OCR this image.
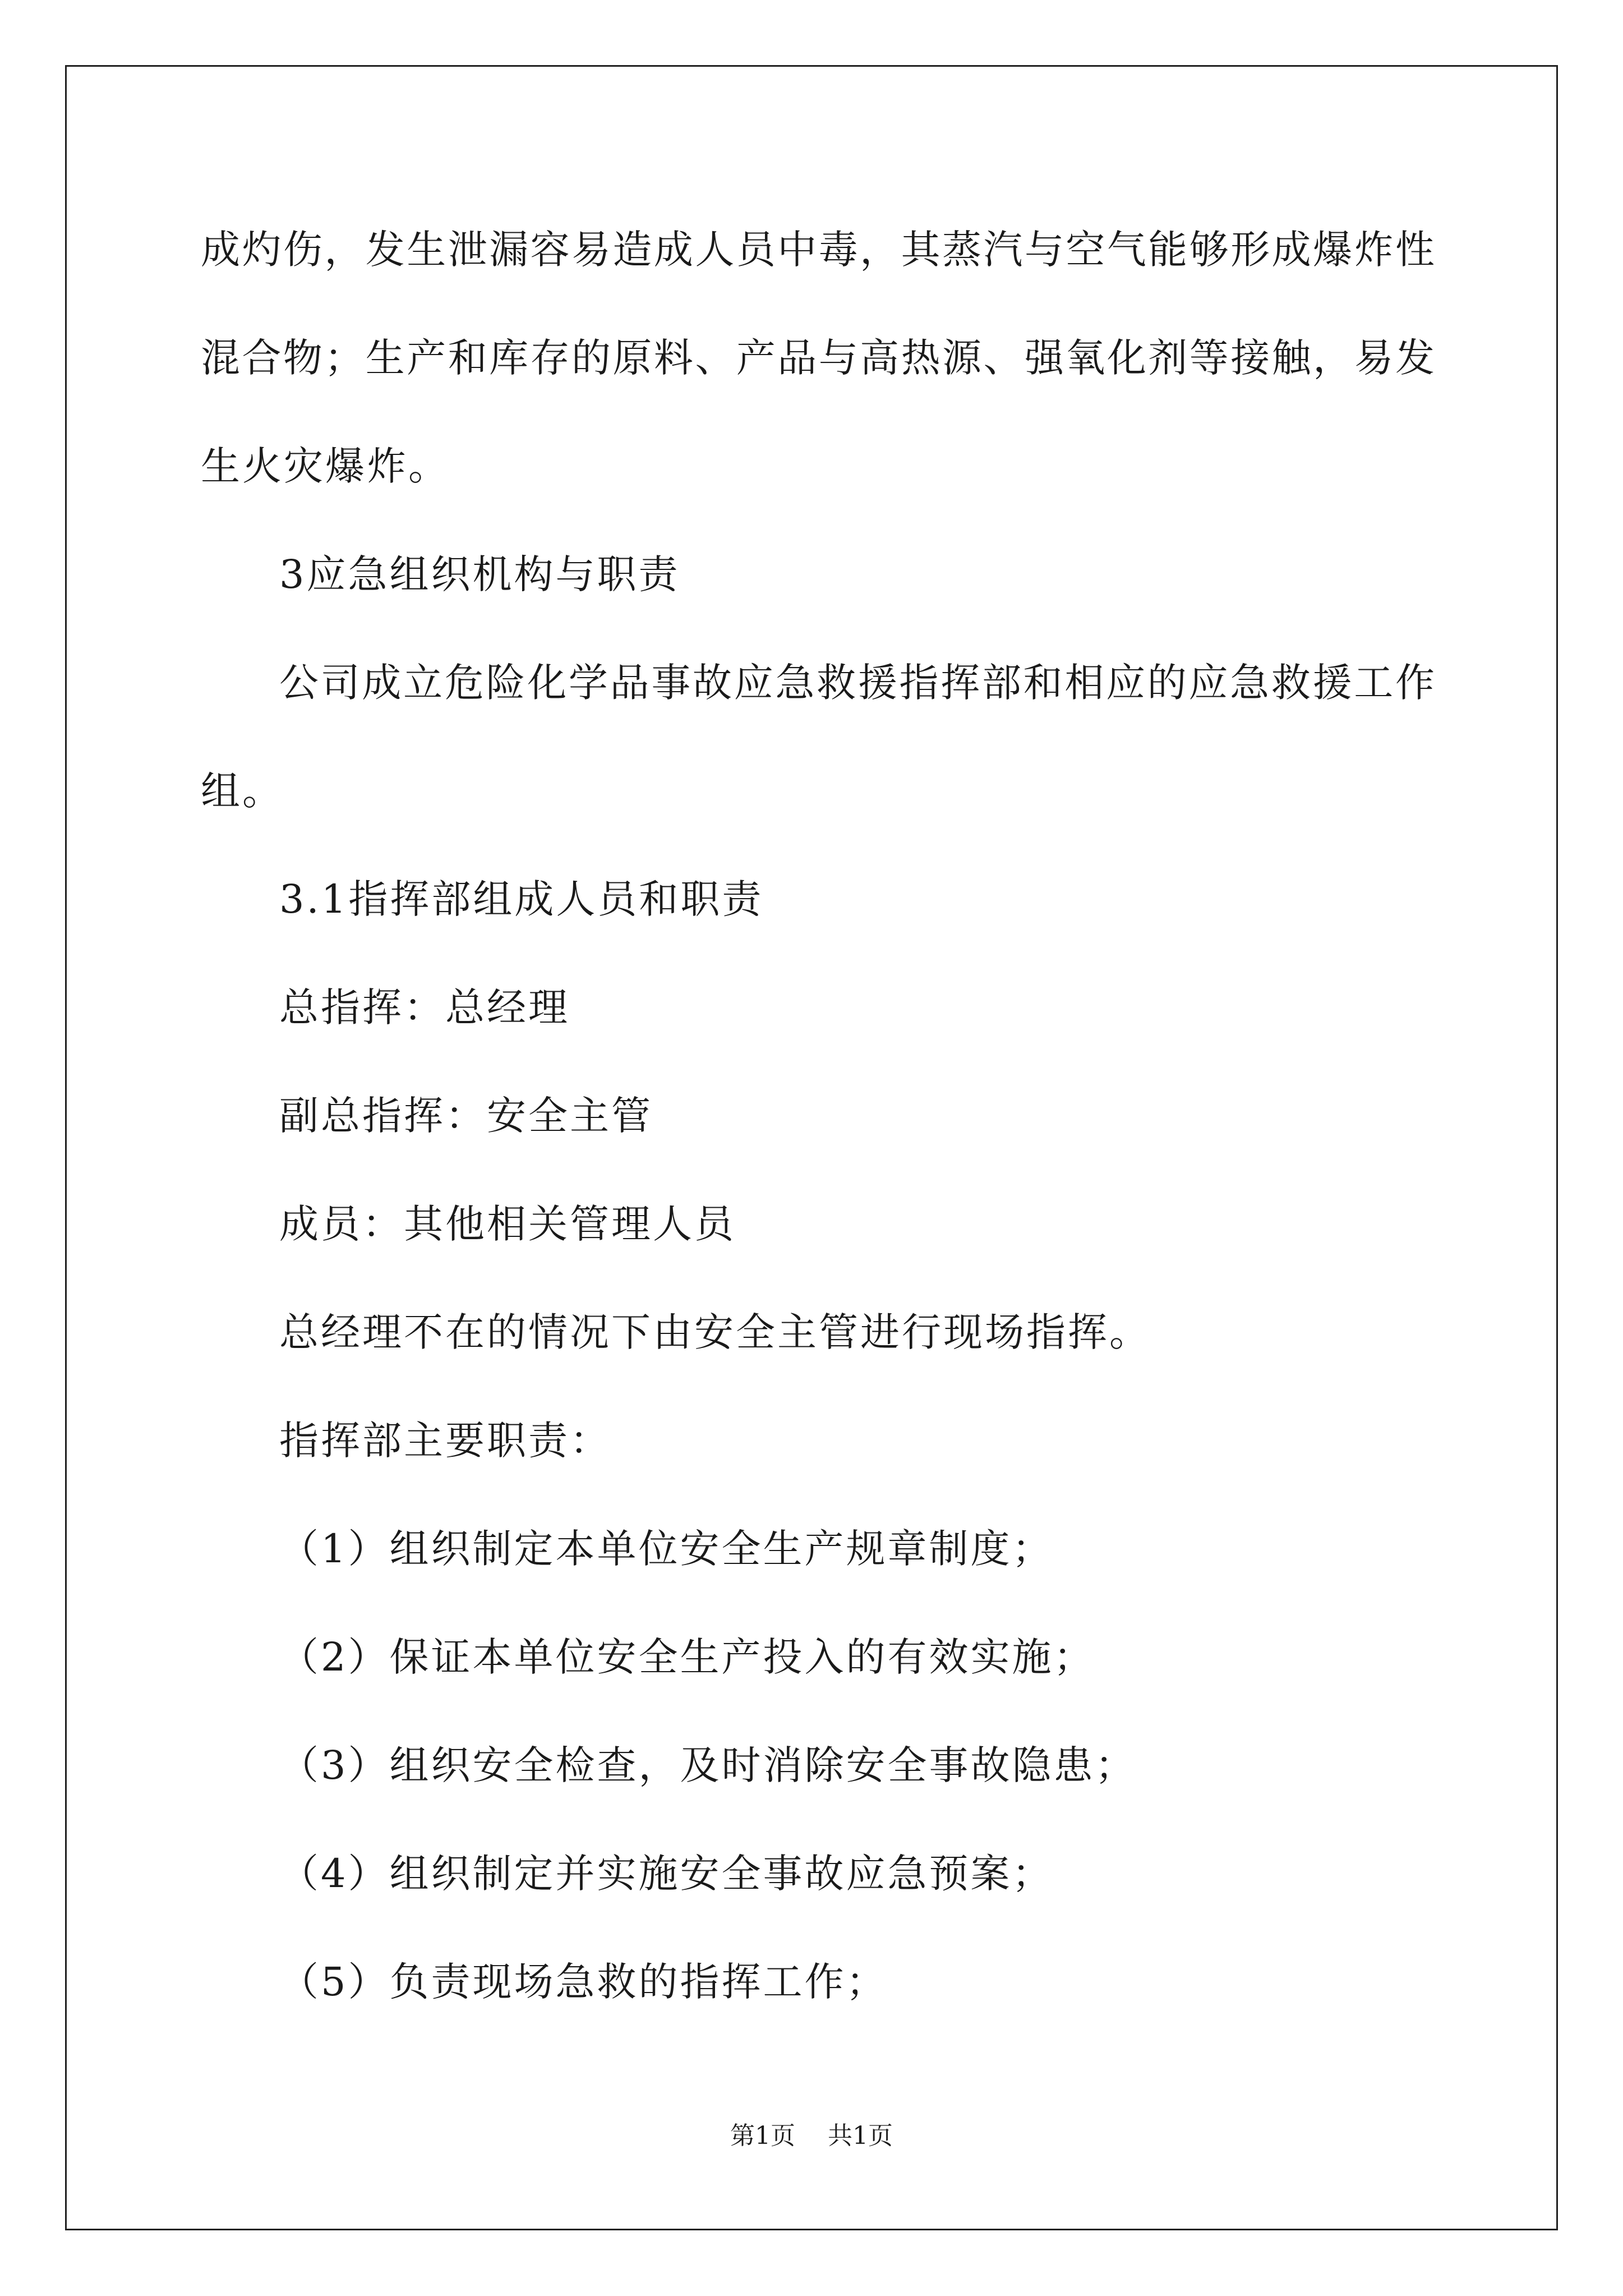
成灼伤，发生泄漏容易造成人员中毒，其蒸汽与空气能够形成爆炸性
混合物；生产和库存的原料、产品与高热源、强氧化剂等接触，易发
生火灾爆炸。
3应急组织机构与职责
公司成立危险化学品事故应急救援指挥部和相应的应急救援工作
组。
3.1指挥部组成人员和职责
总指挥：总经理
副总指挥：安全主管
成员：其他相关管理人员
总经理不在的情况下由安全主管进行现场指挥。
指挥部主要职责：
（1）组织制定本单位安全生产规章制度；
（2）保证本单位安全生产投入的有效实施；
（3）组织安全检查，及时消除安全事故隐患；
（4）组织制定并实施安全事故应急预案；
（5）负责现场急救的指挥工作；
第1页 共1页
